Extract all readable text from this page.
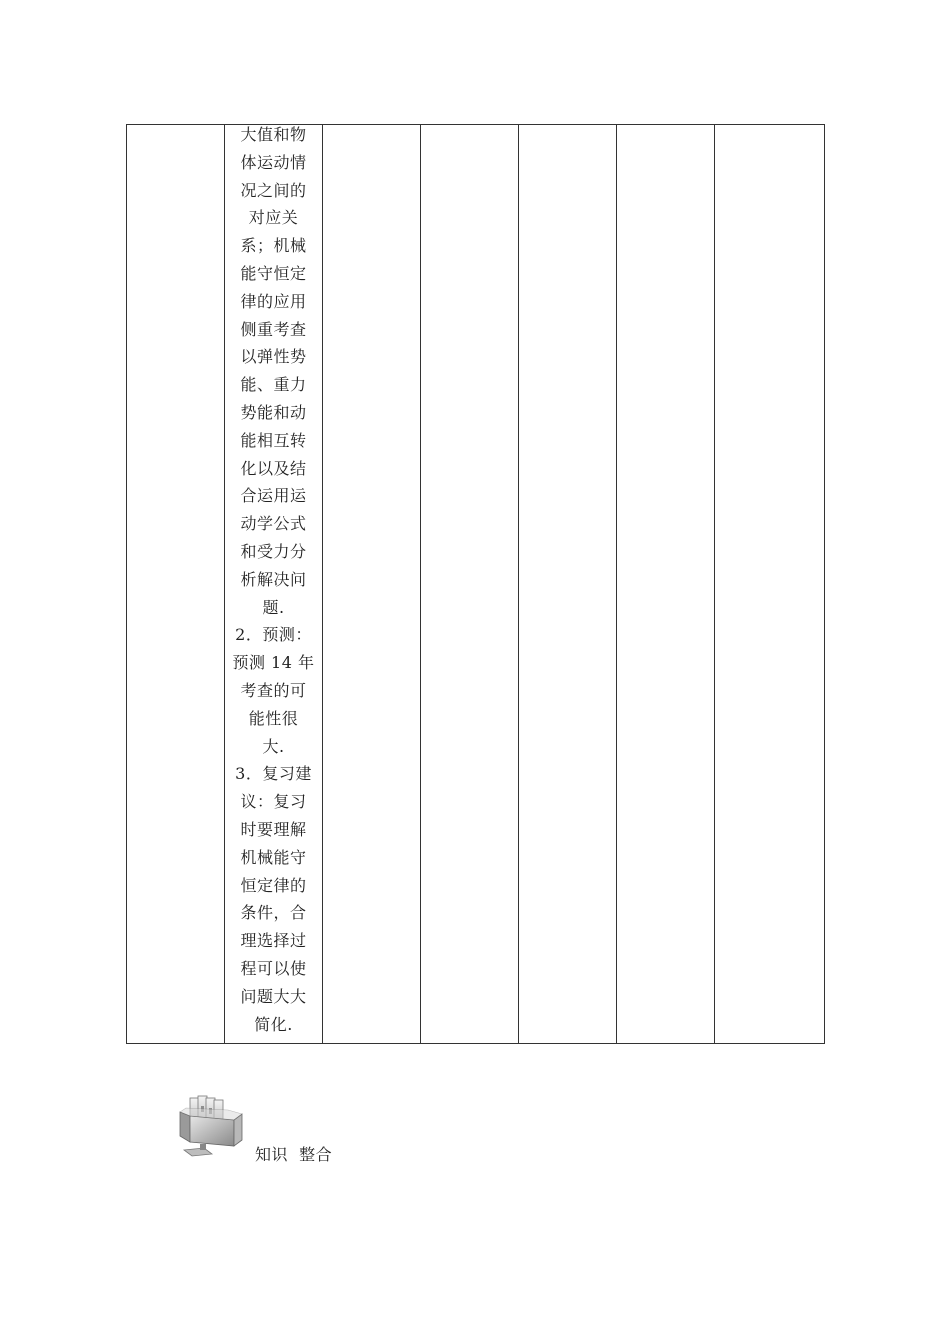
大值和物
体运动情
况之间的
对应关
系；机械
能守恒定
律的应用
侧重考查
以弹性势
能、重力
势能和动
能相互转
化以及结
合运用运
动学公式
和受力分
析解决问
题.
2．预测：
预测 14 年
考查的可
能性很
大.
3．复习建
议：复习
时要理解
机械能守
恒定律的
条件，合
理选择过
程可以使
问题大大
简化.

知识  整合
